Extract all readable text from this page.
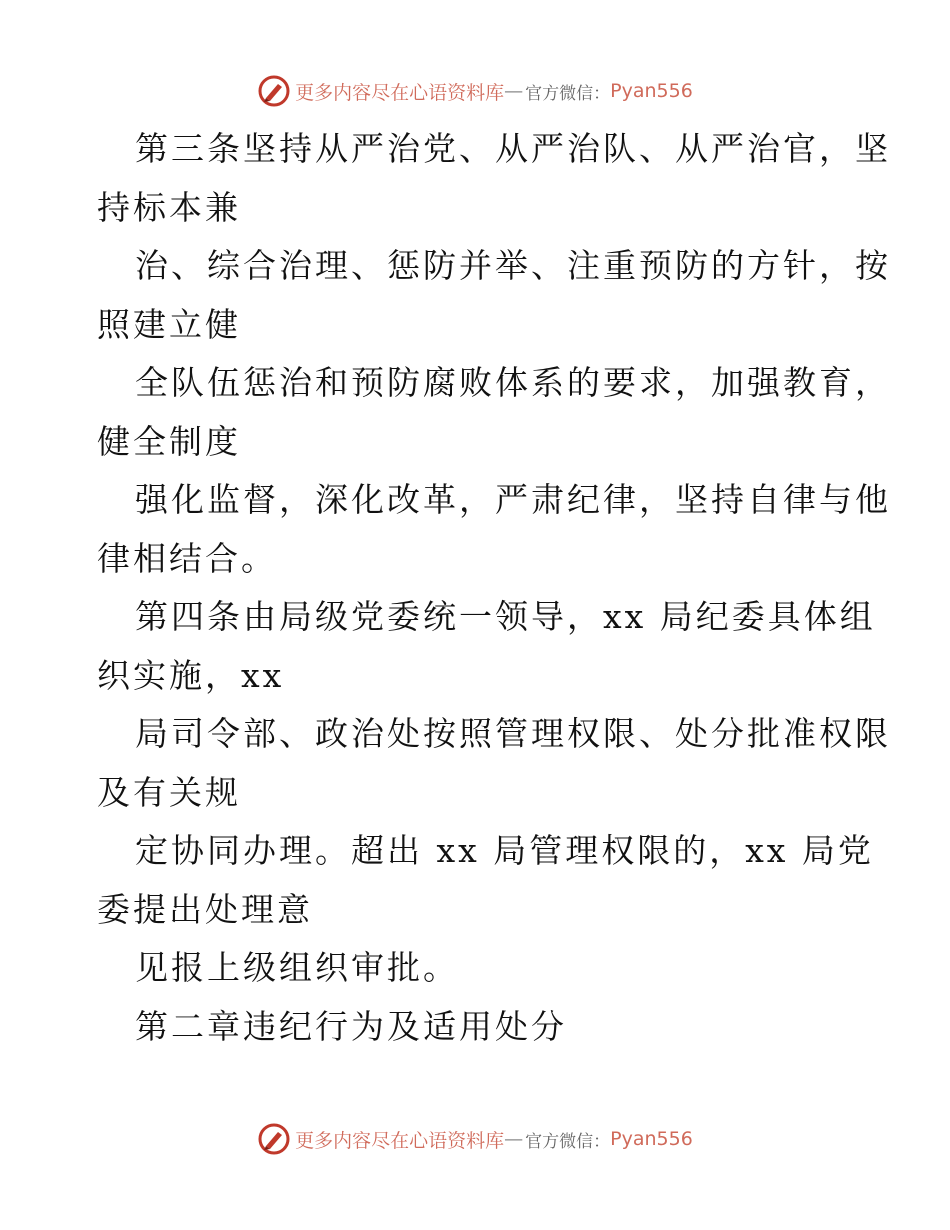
更多内容尽在心语资料库 — 官方微信： Pyan556
第三条坚持从严治党、从严治队、从严治官，坚
持标本兼
治、综合治理、惩防并举、注重预防的方针，按
照建立健
全队伍惩治和预防腐败体系的要求，加强教育，
健全制度
强化监督，深化改革，严肃纪律，坚持自律与他
律相结合。
第四条由局级党委统一领导，xx 局纪委具体组
织实施，xx
局司令部、政治处按照管理权限、处分批准权限
及有关规
定协同办理。超出 xx 局管理权限的，xx 局党
委提出处理意
见报上级组织审批。
第二章违纪行为及适用处分
更多内容尽在心语资料库 — 官方微信： Pyan556
